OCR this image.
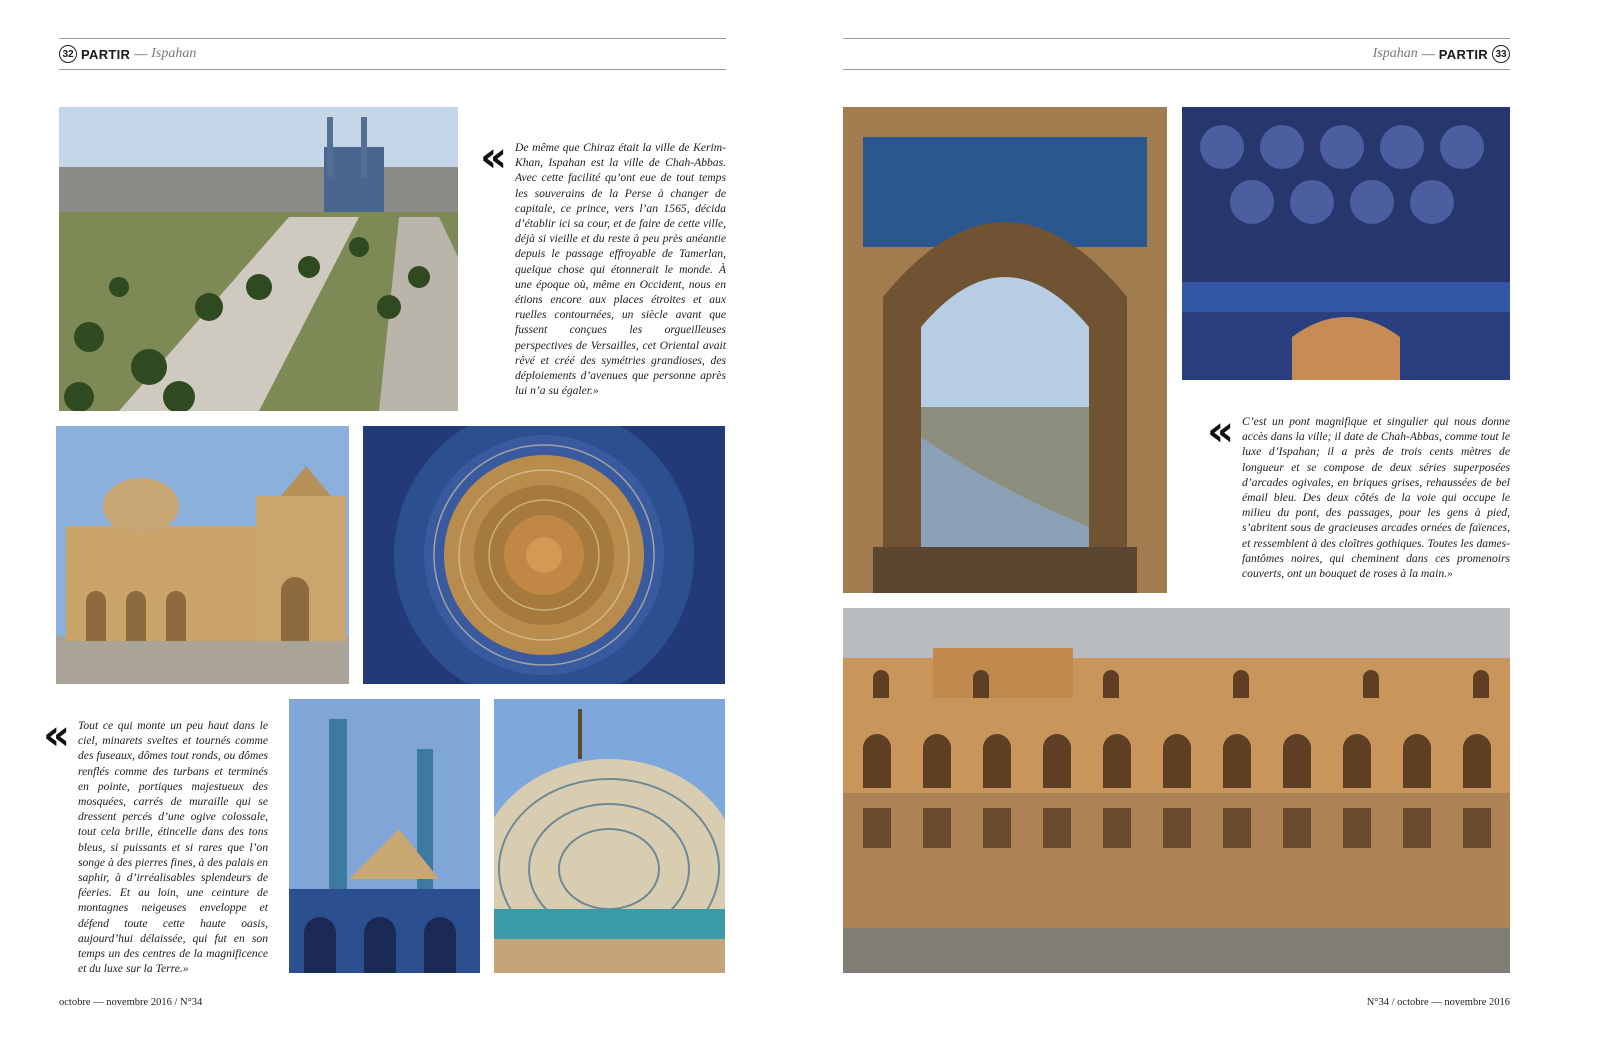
32 PARTIR — Ispahan
« De même que Chiraz était la ville de Kerim-Khan, Ispahan est la ville de Chah-Abbas. Avec cette facilité qu’ont eue de tout temps les souverains de la Perse à changer de capitale, ce prince, vers l’an 1565, décida d’établir ici sa cour, et de faire de cette ville, déjà si vieille et du reste à peu près anéantie depuis le passage effroyable de Tamerlan, quelque chose qui étonnerait le monde. À une époque où, même en Occident, nous en étions encore aux places étroites et aux ruelles contournées, un siècle avant que fussent conçues les orgueilleuses perspectives de Versailles, cet Oriental avait rêvé et créé des symétries grandioses, des déploiements d’avenues que personne après lui n’a su égaler.»
« Tout ce qui monte un peu haut dans le ciel, minarets sveltes et tournés comme des fuseaux, dômes tout ronds, ou dômes renflés comme des turbans et terminés en pointe, portiques majestueux des mosquées, carrés de muraille qui se dressent percés d’une ogive colossale, tout cela brille, étincelle dans des tons bleus, si puissants et si rares que l’on songe à des pierres fines, à des palais en saphir, à d’irréalisables splendeurs de féeries. Et au loin, une ceinture de montagnes neigeuses enveloppe et défend toute cette haute oasis, aujourd’hui délaissée, qui fut en son temps un des centres de la magnificence et du luxe sur la Terre.»
octobre — novembre 2016 / N°34
Ispahan — PARTIR 33
« C’est un pont magnifique et singulier qui nous donne accès dans la ville; il date de Chah-Abbas, comme tout le luxe d’Ispahan; il a près de trois cents mètres de longueur et se compose de deux séries superposées d’arcades ogivales, en briques grises, rehaussées de bel émail bleu. Des deux côtés de la voie qui occupe le milieu du pont, des passages, pour les gens à pied, s’abritent sous de gracieuses arcades ornées de faïences, et ressemblent à des cloîtres gothiques. Toutes les dames-fantômes noires, qui cheminent dans ces promenoirs couverts, ont un bouquet de roses à la main.»
N°34 / octobre — novembre 2016
